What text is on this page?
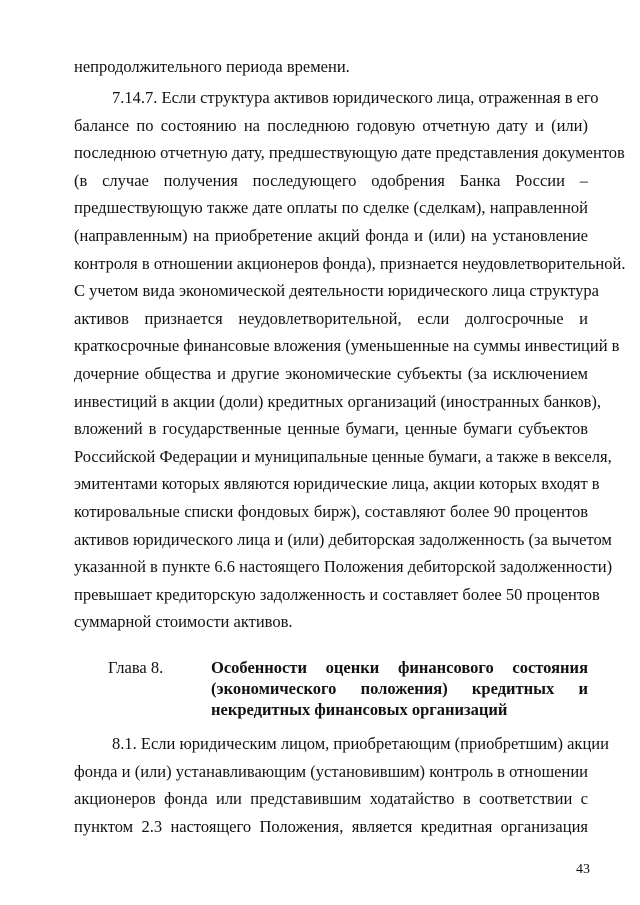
непродолжительного периода времени.
7.14.7. Если структура активов юридического лица, отраженная в его
балансе по состоянию на последнюю годовую отчетную дату и (или)
последнюю отчетную дату, предшествующую дате представления документов
(в случае получения последующего одобрения Банка России –
предшествующую также дате оплаты по сделке (сделкам), направленной
(направленным) на приобретение акций фонда и (или) на установление
контроля в отношении акционеров фонда), признается неудовлетворительной.
С учетом вида экономической деятельности юридического лица структура
активов признается неудовлетворительной, если долгосрочные и
краткосрочные финансовые вложения (уменьшенные на суммы инвестиций в
дочерние общества и другие экономические субъекты (за исключением
инвестиций в акции (доли) кредитных организаций (иностранных банков),
вложений в государственные ценные бумаги, ценные бумаги субъектов
Российской Федерации и муниципальные ценные бумаги, а также в векселя,
эмитентами которых являются юридические лица, акции которых входят в
котировальные списки фондовых бирж), составляют более 90 процентов
активов юридического лица и (или) дебиторская задолженность (за вычетом
указанной в пункте 6.6 настоящего Положения дебиторской задолженности)
превышает кредиторскую задолженность и составляет более 50 процентов
суммарной стоимости активов.
Глава 8.	Особенности оценки финансового состояния
(экономического положения) кредитных и
некредитных финансовых организаций
8.1. Если юридическим лицом, приобретающим (приобретшим) акции
фонда и (или) устанавливающим (установившим) контроль в отношении
акционеров фонда или представившим ходатайство в соответствии с
пунктом 2.3 настоящего Положения, является кредитная организация
43
